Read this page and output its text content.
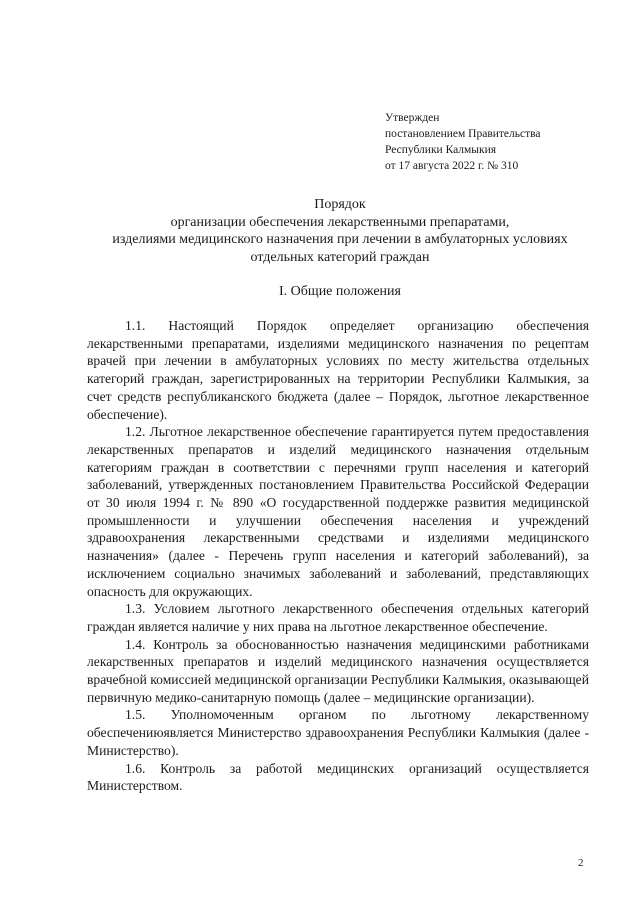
Утвержден
постановлением Правительства
Республики Калмыкия
от 17 августа 2022 г. № 310
Порядок
организации обеспечения лекарственными препаратами,
изделиями медицинского назначения при лечении в амбулаторных условиях
отдельных категорий граждан
I. Общие положения

1.1. Настоящий Порядок определяет организацию обеспечения лекарственными препаратами, изделиями медицинского назначения по рецептам врачей при лечении в амбулаторных условиях по месту жительства отдельных категорий граждан, зарегистрированных на территории Республики Калмыкия, за счет средств республиканского бюджета (далее – Порядок, льготное лекарственное обеспечение).

1.2. Льготное лекарственное обеспечение гарантируется путем предоставления лекарственных препаратов и изделий медицинского назначения отдельным категориям граждан в соответствии с перечнями групп населения и категорий заболеваний, утвержденных постановлением Правительства Российской Федерации от 30 июля 1994 г. № 890 «О государственной поддержке развития медицинской промышленности и улучшении обеспечения населения и учреждений здравоохранения лекарственными средствами и изделиями медицинского назначения» (далее - Перечень групп населения и категорий заболеваний), за исключением социально значимых заболеваний и заболеваний, представляющих опасность для окружающих.

1.3. Условием льготного лекарственного обеспечения отдельных категорий граждан является наличие у них права на льготное лекарственное обеспечение.

1.4. Контроль за обоснованностью назначения медицинскими работниками лекарственных препаратов и изделий медицинского назначения осуществляется врачебной комиссией медицинской организации Республики Калмыкия, оказывающей первичную медико-санитарную помощь (далее – медицинские организации).

1.5. Уполномоченным органом по льготному лекарственному обеспечениюявляется Министерство здравоохранения Республики Калмыкия (далее - Министерство).

1.6. Контроль за работой медицинских организаций осуществляется Министерством.

2
